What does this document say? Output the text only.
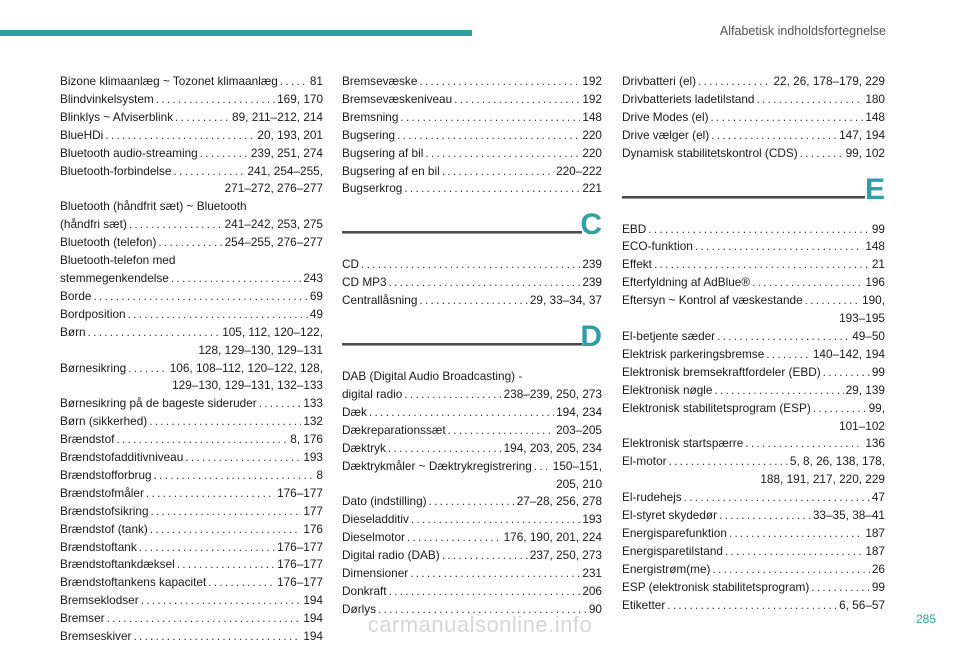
Alfabetisk indholdsfortegnelse
Bizone klimaanlæg ~ Tozonet klimaanlæg . . .	81
Blindvinkelsystem . . .	169, 170
Blinklys ~ Afviserblink . . .	89, 211–212, 214
BlueHDi . . .	20, 193, 201
Bluetooth audio-streaming . . .	239, 251, 274
Bluetooth-forbindelse . . .	241, 254–255,
271–272, 276–277
Bluetooth (håndfrit sæt) ~ Bluetooth
(håndfri sæt) . . .	241–242, 253, 275
Bluetooth (telefon) . . .	254–255, 276–277
Bluetooth-telefon med
stemmegenkendelse . . .	243
Borde . . .	69
Bordposition . . .	49
Børn . . .	105, 112, 120–122,
128, 129–130, 129–131
Børnesikring . . .	106, 108–112, 120–122, 128,
129–130, 129–131, 132–133
Børnesikring på de bageste sideruder . . .	133
Børn (sikkerhed) . . .	132
Brændstof . . .	8, 176
Brændstofadditivniveau . . .	193
Brændstofforbrug . . .	8
Brændstofmåler . . .	176–177
Brændstofsikring . . .	177
Brændstof (tank) . . .	176
Brændstoftank . . .	176–177
Brændstoftankdæksel . . .	176–177
Brændstoftankens kapacitet . . .	176–177
Bremseklodser . . .	194
Bremser . . .	194
Bremseskiver . . .	194
Bremsevæske . . .	192
Bremsevæskeniveau . . .	192
Bremsning . . .	148
Bugsering . . .	220
Bugsering af bil . . .	220
Bugsering af en bil . . .	220–222
Bugserkrog . . .	221
C
CD . . .	239
CD MP3 . . .	239
Centrallåsning . . .	29, 33–34, 37
D
DAB (Digital Audio Broadcasting) -
digital radio . . .	238–239, 250, 273
Dæk . . .	194, 234
Dækreparationssæt . . .	203–205
Dæktryk . . .	194, 203, 205, 234
Dæktrykmåler ~ Dæktrykregistrering . . . 150–151,
205, 210
Dato (indstilling) . . .	27–28, 256, 278
Dieseladditiv . . .	193
Dieselmotor . . .	176, 190, 201, 224
Digital radio (DAB) . . .	237, 250, 273
Dimensioner . . .	231
Donkraft . . .	206
Dørlys . . .	90
Drivbatteri (el) . . .	22, 26, 178–179, 229
Drivbatteriets ladetilstand . . .	180
Drive Modes (el) . . .	148
Drive vælger (el) . . .	147, 194
Dynamisk stabilitetskontrol (CDS) . . .	99, 102
E
EBD . . .	99
ECO-funktion . . .	148
Effekt . . .	21
Efterfyldning af AdBlue® . . .	196
Eftersyn ~ Kontrol af væskestande . . .	190,
193–195
El-betjente sæder . . .	49–50
Elektrisk parkeringsbremse . . .	140–142, 194
Elektronisk bremsekraftfordeler (EBD) . . .	99
Elektronisk nøgle . . .	29, 139
Elektronisk stabilitetsprogram (ESP) . . .	99,
101–102
Elektronisk startspærre . . .	136
El-motor . . .	5, 8, 26, 138, 178,
188, 191, 217, 220, 229
El-rudehejs . . .	47
El-styret skydedør . . .	33–35, 38–41
Energisparefunktion . . .	187
Energisparetilstand . . .	187
Energistrøm(me) . . .	26
ESP (elektronisk stabilitetsprogram) . . .	99
Etiketter . . .	6, 56–57
285
carmanualsonline.info
